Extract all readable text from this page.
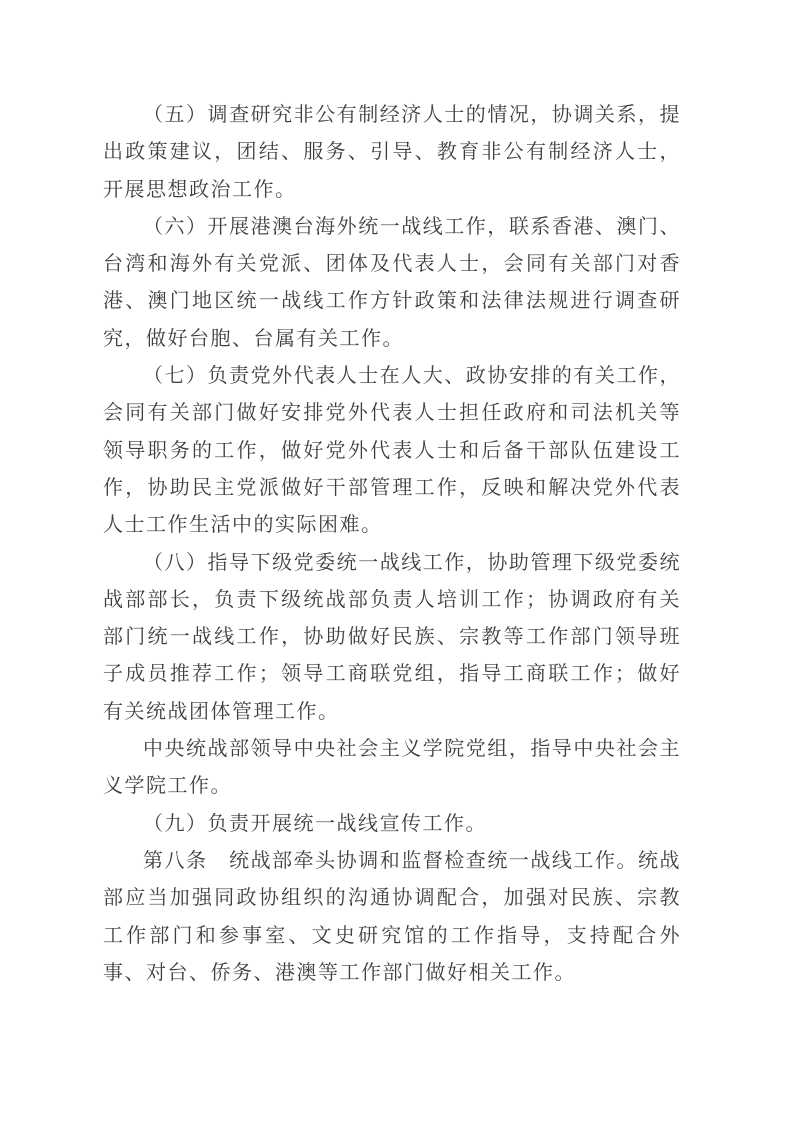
（五）调查研究非公有制经济人士的情况，协调关系，提出政策建议，团结、服务、引导、教育非公有制经济人士，开展思想政治工作。

（六）开展港澳台海外统一战线工作，联系香港、澳门、台湾和海外有关党派、团体及代表人士，会同有关部门对香港、澳门地区统一战线工作方针政策和法律法规进行调查研究，做好台胞、台属有关工作。

（七）负责党外代表人士在人大、政协安排的有关工作，会同有关部门做好安排党外代表人士担任政府和司法机关等领导职务的工作，做好党外代表人士和后备干部队伍建设工作，协助民主党派做好干部管理工作，反映和解决党外代表人士工作生活中的实际困难。

（八）指导下级党委统一战线工作，协助管理下级党委统战部部长，负责下级统战部负责人培训工作；协调政府有关部门统一战线工作，协助做好民族、宗教等工作部门领导班子成员推荐工作；领导工商联党组，指导工商联工作；做好有关统战团体管理工作。

中央统战部领导中央社会主义学院党组，指导中央社会主义学院工作。

（九）负责开展统一战线宣传工作。

第八条　统战部牵头协调和监督检查统一战线工作。统战部应当加强同政协组织的沟通协调配合，加强对民族、宗教工作部门和参事室、文史研究馆的工作指导，支持配合外事、对台、侨务、港澳等工作部门做好相关工作。
